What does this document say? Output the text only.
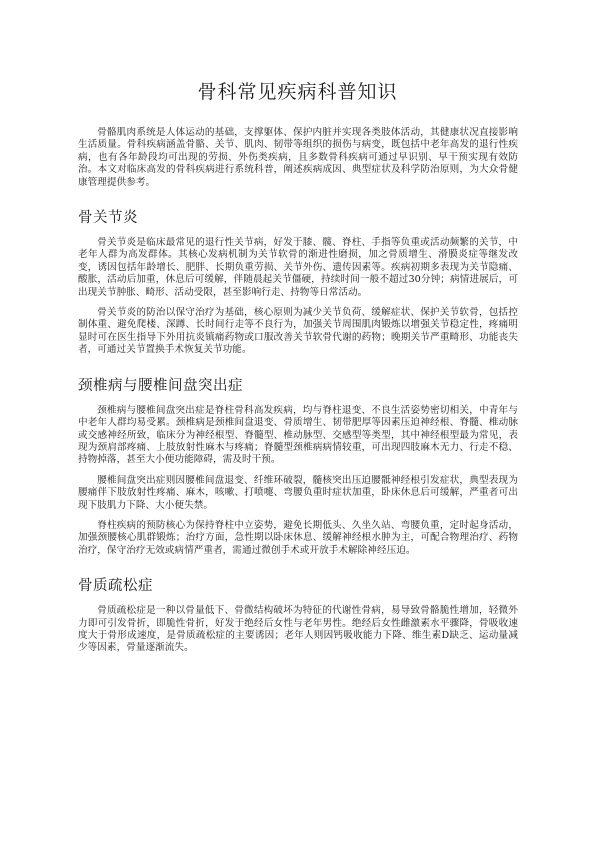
骨科常见疾病科普知识

骨骼肌肉系统是人体运动的基础，支撑躯体、保护内脏并实现各类肢体活动，其健康状况直接影响生活质量。骨科疾病涵盖骨骼、关节、肌肉、韧带等组织的损伤与病变，既包括中老年高发的退行性疾病，也有各年龄段均可出现的劳损、外伤类疾病，且多数骨科疾病可通过早识别、早干预实现有效防治。本文对临床高发的骨科疾病进行系统科普，阐述疾病成因、典型症状及科学防治原则，为大众骨健康管理提供参考。

骨关节炎

骨关节炎是临床最常见的退行性关节病，好发于膝、髋、脊柱、手指等负重或活动频繁的关节，中老年人群为高发群体。其核心发病机制为关节软骨的渐进性磨损，加之骨质增生、滑膜炎症等继发改变，诱因包括年龄增长、肥胖、长期负重劳损、关节外伤、遗传因素等。疾病初期多表现为关节隐痛、酸胀，活动后加重，休息后可缓解，伴随晨起关节僵硬，持续时间一般不超过30分钟；病情进展后，可出现关节肿胀、畸形、活动受限，甚至影响行走、持物等日常活动。

骨关节炎的防治以保守治疗为基础，核心原则为减少关节负荷、缓解症状、保护关节软骨，包括控制体重、避免爬楼、深蹲、长时间行走等不良行为，加强关节周围肌肉锻炼以增强关节稳定性，疼痛明显时可在医生指导下外用抗炎镇痛药物或口服改善关节软骨代谢的药物；晚期关节严重畸形、功能丧失者，可通过关节置换手术恢复关节功能。

颈椎病与腰椎间盘突出症

颈椎病与腰椎间盘突出症是脊柱骨科高发疾病，均与脊柱退变、不良生活姿势密切相关，中青年与中老年人群均易受累。颈椎病是颈椎间盘退变、骨质增生、韧带肥厚等因素压迫神经根、脊髓、椎动脉或交感神经所致，临床分为神经根型、脊髓型、椎动脉型、交感型等类型，其中神经根型最为常见，表现为颈肩部疼痛、上肢放射性麻木与疼痛；脊髓型颈椎病病情较重，可出现四肢麻木无力、行走不稳、持物掉落，甚至大小便功能障碍，需及时干预。

腰椎间盘突出症则因腰椎间盘退变、纤维环破裂，髓核突出压迫腰骶神经根引发症状，典型表现为腰痛伴下肢放射性疼痛、麻木，咳嗽、打喷嚏、弯腰负重时症状加重，卧床休息后可缓解，严重者可出现下肢肌力下降、大小便失禁。

脊柱疾病的预防核心为保持脊柱中立姿势，避免长期低头、久坐久站、弯腰负重，定时起身活动，加强颈腰核心肌群锻炼；治疗方面，急性期以卧床休息、缓解神经根水肿为主，可配合物理治疗、药物治疗，保守治疗无效或病情严重者，需通过微创手术或开放手术解除神经压迫。

骨质疏松症

骨质疏松症是一种以骨量低下、骨微结构破坏为特征的代谢性骨病，易导致骨骼脆性增加，轻微外力即可引发骨折，即脆性骨折，好发于绝经后女性与老年男性。绝经后女性雌激素水平骤降，骨吸收速度大于骨形成速度，是骨质疏松症的主要诱因；老年人则因钙吸收能力下降、维生素D缺乏、运动量减少等因素，骨量逐渐流失。
